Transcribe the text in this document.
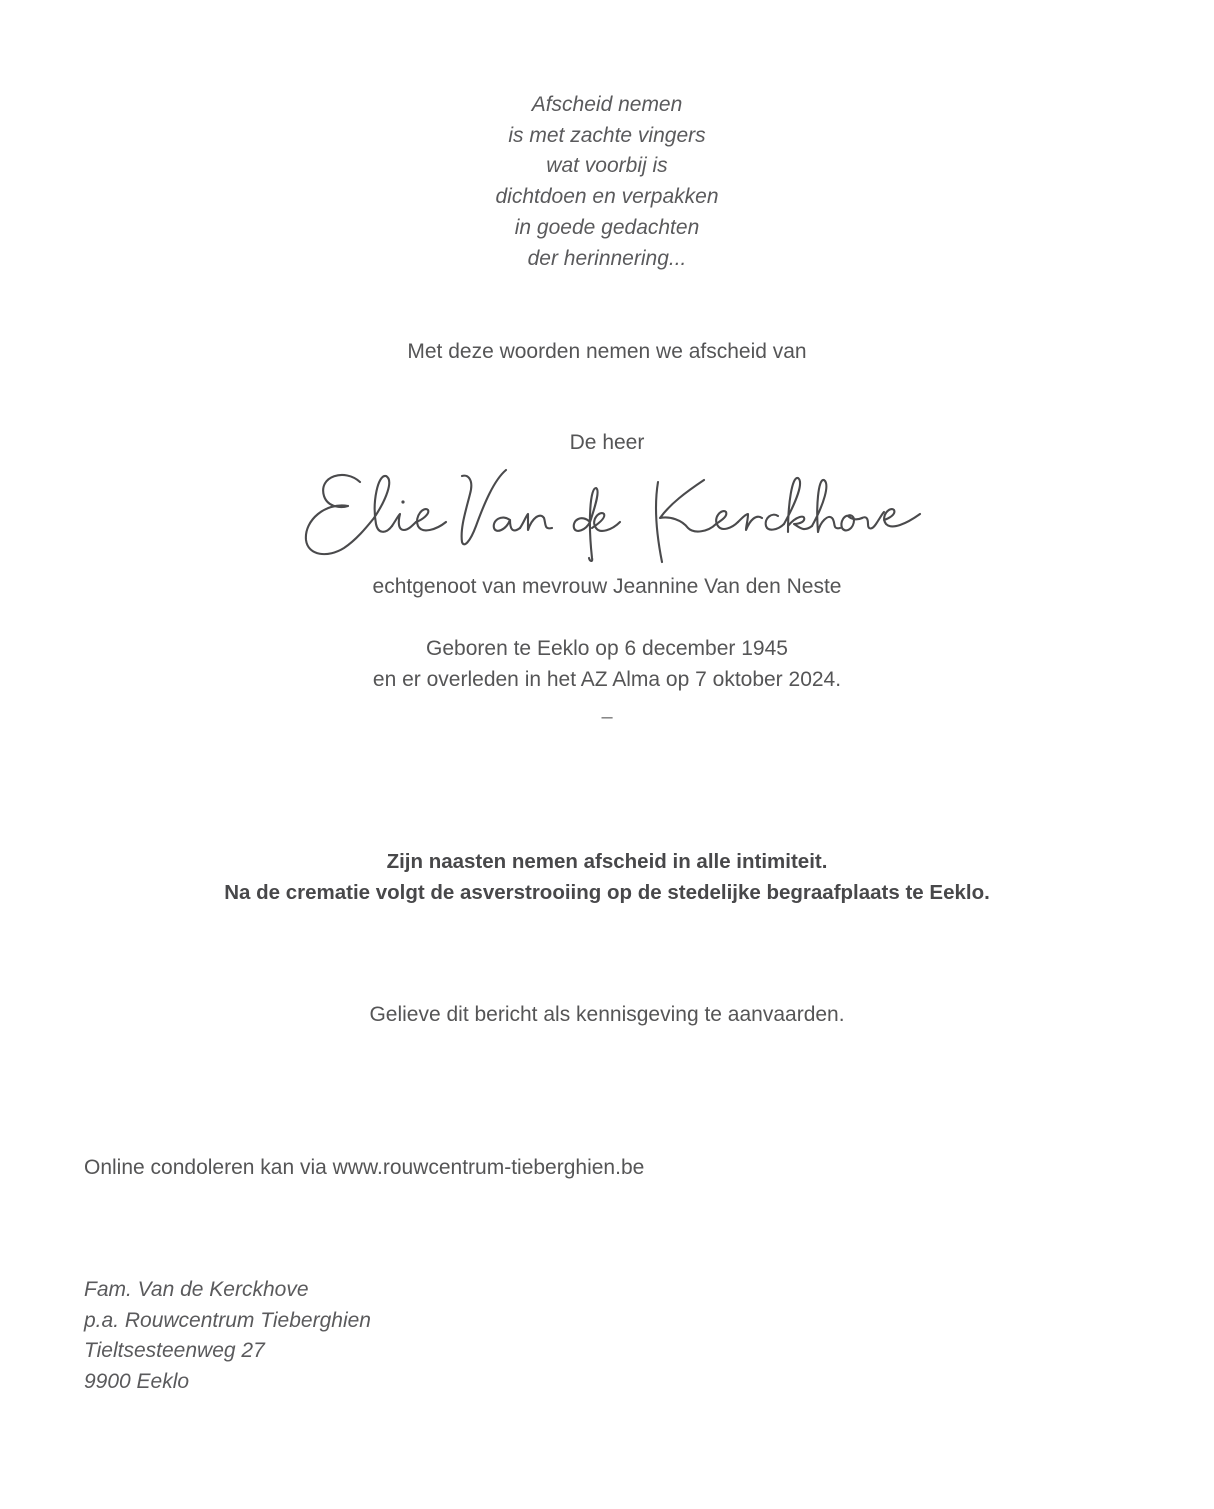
Afscheid nemen
is met zachte vingers
wat voorbij is
dichtdoen en verpakken
in goede gedachten
der herinnering...
Met deze woorden nemen we afscheid van
De heer
echtgenoot van mevrouw Jeannine Van den Neste
Geboren te Eeklo op 6 december 1945
en er overleden in het AZ Alma op 7 oktober 2024.
–
Zijn naasten nemen afscheid in alle intimiteit.
Na de crematie volgt de asverstrooiing op de stedelijke begraafplaats te Eeklo.
Gelieve dit bericht als kennisgeving te aanvaarden.
Online condoleren kan via www.rouwcentrum-tieberghien.be
Fam. Van de Kerckhove
p.a. Rouwcentrum Tieberghien
Tieltsesteenweg 27
9900 Eeklo
